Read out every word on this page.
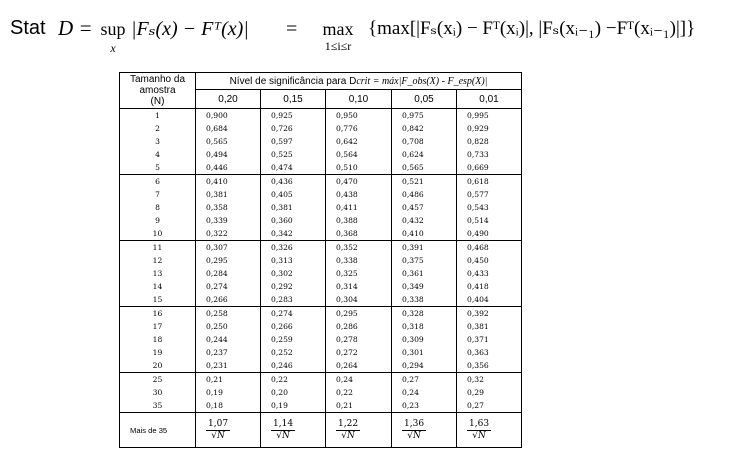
Stat D = sup
x
|Fₛ(x) − Fᵀ(x)| =	max
1≤i≤r
{max[|Fₛ(xᵢ) − Fᵀ(xᵢ)|, |Fₛ(xᵢ₋₁) −Fᵀ(xᵢ₋₁)|]}
Tamanho da
amostra
(N)	Nível de significância para Dcrit = máx|F_obs(X) - F_esp(X)|				
	0,20	0,15	0,10	0,05	0,01
1	0,900	0,925	0,950	0,975	0,995
2	0,684	0,726	0,776	0,842	0,929
3	0,565	0,597	0,642	0,708	0,828
4	0,494	0,525	0,564	0,624	0,733
5	0,446	0,474	0,510	0,565	0,669
6	0,410	0,436	0,470	0,521	0,618
7	0,381	0,405	0,438	0,486	0,577
8	0,358	0,381	0,411	0,457	0,543
9	0,339	0,360	0,388	0,432	0,514
10	0,322	0,342	0,368	0,410	0,490
11	0,307	0,326	0,352	0,391	0,468
12	0,295	0,313	0,338	0,375	0,450
13	0,284	0,302	0,325	0,361	0,433
14	0,274	0,292	0,314	0,349	0,418
15	0,266	0,283	0,304	0,338	0,404
16	0,258	0,274	0,295	0,328	0,392
17	0,250	0,266	0,286	0,318	0,381
18	0,244	0,259	0,278	0,309	0,371
19	0,237	0,252	0,272	0,301	0,363
20	0,231	0,246	0,264	0,294	0,356
25	0,21	0,22	0,24	0,27	0,32
30	0,19	0,20	0,22	0,24	0,29
35	0,18	0,19	0,21	0,23	0,27
Mais de 35	$\frac{1,07}{√N}$	$\frac{1,14}{√N}$	$\frac{1,22}{√N}$	$\frac{1,36}{√N}$	$\frac{1,63}{√N}$
